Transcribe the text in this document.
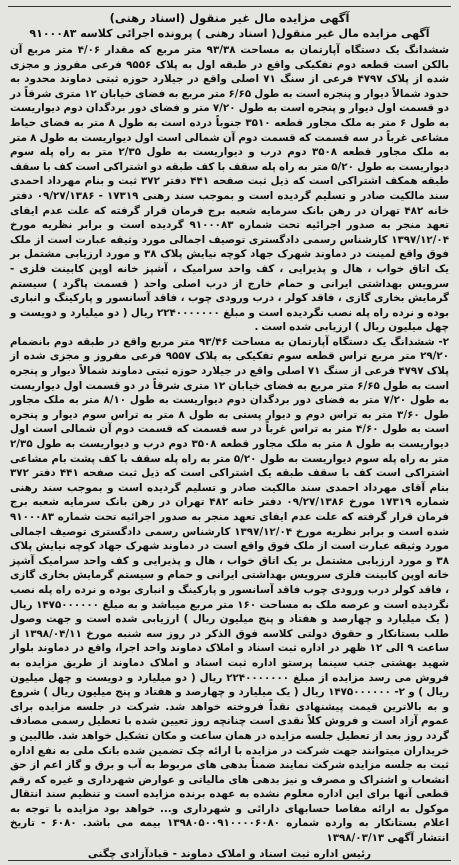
آگهی مزایده مال غیر منقول (اسناد رهنی)
آگهی مزایده مال غیر منقول( اسناد رهنی ) پرونده اجرائی کلاسه ۹۱۰۰۰۸۳

ششدانگ یک دستگاه آپارتمان به مساحت ۹۳/۳۸ متر مربع که مقدار ۴/۰۶ متر مربع آن بالکن است قطعه دوم تفکیکی واقع در طبقه اول به پلاک ۹۵۵۶ فرعی مفروز و مجزی شده از پلاک ۴۷۹۷ فرعی از سنگ ۷۱ اصلی واقع در جیلارد حوزه ثبتی دماوند محدود به حدود شمالاً دیوار و پنجره است به طول ۶/۶۵ متر مربع به فضای خیابان ۱۲ متری شرقاً در دو قسمت اول دیوار و پنجره است به طول ۷/۲۰ متر و فضای دور بردگدان دوم دیواریست به طول ۶ متر به ملک مجاور قطعه ۳۵۱۰ جنوباً درده است به طول ۸ متر به فضای حیاط مشاعی غرباً در سه قسمت که قسمت دوم آن شمالی است اول دیواریست به طول ۸ متر به ملک مجاور قطعه ۳۵۰۸ دوم درب و دیواریست به طول ۲/۳۵ متر به راه پله سوم دیواریست به طول ۵/۲۰ متر به راه پله سقف با کف طبقه دو اشتراکی است کف با سقف طبقه همکف اشتراکی است که ذیل ثبت صفحه ۴۴۱ دفتر ۳۷۲ ثبت و بنام مهرداد احمدی سند مالکیت صادر و تسلیم گردیده است و بموجب سند رهنی ۱۷۳۱۹ - ۰۹/۲۷/۱۳۸۶ دفتر خانه ۴۸۲ تهران در رهن بانک سرمایه شعبه برج فرمان قرار گرفته که علت عدم ایفای تعهد منجر به صدور اجرائیه تحت شماره ۹۱۰۰۰۸۳ گردیده است و برابر نظریه مورخ ۱۳۹۷/۱۲/۰۴ کارشناس رسمی دادگستری توصیف اجمالی مورد وثیقه عبارت است از ملک فوق واقع لمینت در دماوند شهرک جهاد کوچه نیایش پلاک ۳۸ و مورد ارزیابی مشتمل بر یک اتاق خواب ، هال و پذیرایی ، کف واحد سرامیک ، آشپز خانه اوپن کابینت فلزی - سرویس بهداشتی ایرانی و حمام خارج از درب اصلی واحد ( قسمت پاگرد ) سیستم گرمایش بخاری گازی ، فاقد کولر ، درب ورودی چوب ، فاقد آسانسور و پارکینگ و انباری بوده و نرده راه پله نصب نگردیده است و مبلغ ۲۲۴۰۰۰۰۰۰۰ ریال ( دو میلیارد و دویست و چهل میلیون ریال ) ارزیابی شده است .

۲- ششدانگ یک دستگاه آپارتمان به مساحت ۹۳/۴۶ متر مربع واقع در طبقه دوم بانضمام ۲۹/۲۰ متر مربع تراس قطعه سوم تفکیکی به پلاک ۹۵۵۷ فرعی مفروز و مجزی شده از پلاک ۴۷۹۷ فرعی از سنگ ۷۱ اصلی واقع در جیلارد حوزه ثبتی دماوند شمالاً دیوار و پنجره است به طول ۶/۶۵ متر مربع به فضای خیابان ۱۲ متری شرقاً در دو قسمت اول دیواریست به طول ۷/۲۰ متر به فضای دور بردگدان دوم دیواریست به طول ۸/۱۰ متر به ملک مجاور طول ۳/۶۰ متر به تراس دوم و دیوار پستی به طول ۸ متر به تراس سوم دیوار و پنجره است به طول ۴/۶۰ متر به تراس غرباً در سه قسمت که قسمت دوم آن شمالی است اول دیواریست به طول ۸ متر به ملک مجاور قطعه ۳۵۰۸ دوم درب و دیواریست به طول ۲/۳۵ متر به راه پله سوم دیواریست به طول ۵/۲۰ متر به راه پله سقف با کف پشت بام مشاعی اشتراکی است کف با سقف طبقه یک اشتراکی است که ذیل ثبت صفحه ۴۴۱ دفتر ۳۷۲ بنام آقای مهرداد احمدی سند مالکیت صادر و تسلیم گردیده است و بموجب سند رهنی شماره ۱۷۳۱۹ مورخ ۰۹/۲۷/۱۳۸۶ دفتر خانه ۴۸۲ تهران در رهن بانک سرمایه شعبه برج فرمان قرار گرفته که علت عدم ایفای تعهد منجر به صدور اجرائیه تحت شماره ۹۱۰۰۰۸۳ شده است و برابر نظریه مورخ ۱۳۹۷/۱۲/۰۴ کارشناس رسمی دادگستری توصیف اجمالی مورد وثیقه عبارت است از ملک فوق واقع است در دماوند شهرک جهاد کوچه نیایش پلاک ۳۸ و مورد ارزیابی مشتمل بر یک اتاق خواب ، هال و پذیرایی و کف واحد سرامیک آشپز خانه اوپن کابینت فلزی سرویس بهداشتی ایرانی و حمام و سیستم گرمایش بخاری گازی ، فاقد کولر درب ورودی چوب فاقد آسانسور و پارکینگ و انباری بوده و نرده راه پله نصب نگردیده است و عرصه ملک به مساحت ۱۶۰ متر مربع میباشد و به مبلغ ۱۴۷۵۰۰۰۰۰۰ ریال ( یک میلیارد و چهارصد و هفتاد و پنج میلیون ریال ) ارزیابی شده است و جهت وصول طلب بستانکار و حقوق دولتی کلاسه فوق الذکر در روز سه شنبه مورخ ۱۳۹۸/۰۴/۱۱ از ساعت ۹ الی ۱۲ ظهر در اداره ثبت اسناد و املاک دماوند واحد اجرا، واقع در دماوند بلوار شهید بهشتی جنب سینما پرستو اداره ثبت اسناد و املاک دماوند از طریق مزایده به فروش می رسد مزایده از مبلغ ۲۲۴۰۰۰۰۰۰۰ ریال ( دو میلیارد و دویست و چهل میلیون ریال ) و ۲- ۱۴۷۵۰۰۰۰۰۰ ریال ( یک میلیارد و چهارصد و هفتاد و پنج میلیون ریال ) شروع و به بالاترین قیمت پیشنهادی نقداً فروخته خواهد شد. شرکت در جلسه مزایده برای عموم آزاد است و فروش کلاً نقدی است چنانچه روز تعیین شده با تعطیل رسمی مصادف گردد روز بعد از تعطیل جلسه مزایده در همان ساعت و مکان تشکیل خواهد شد. طالبین و خریداران میتوانند جهت شرکت در مزایده با ارائه چک تضمین شده بانک ملی به نفع اداره ثبت به جلسه مزایده شرکت نمایند ضمناً بدهی های مربوط به آب و برق و گاز اعم از حق انشعاب و اشتراک و مصرف و نیز بدهی های مالیاتی و عوارض شهرداری و غیره که رقم قطعی آنها برای این اداره معلوم نشده به عهده برنده مزایده است و تنظیم سند انتقال موکول به ارائه مفاصا حسابهای دارائی و شهرداری و... خواهد بود مزایده با توجه به اعلام بستانکار به وارده شماره ۱۳۹۸۰۵۰۰۹۱۰۰۰۰۶۰۸۰ بیمه می باشد. ۶۰۸۰ - تاریخ انتشار آگهی ۱۳۹۸/۰۳/۱۳

رئیس اداره ثبت اسناد و املاک دماوند - قبادآزادی چگنی
